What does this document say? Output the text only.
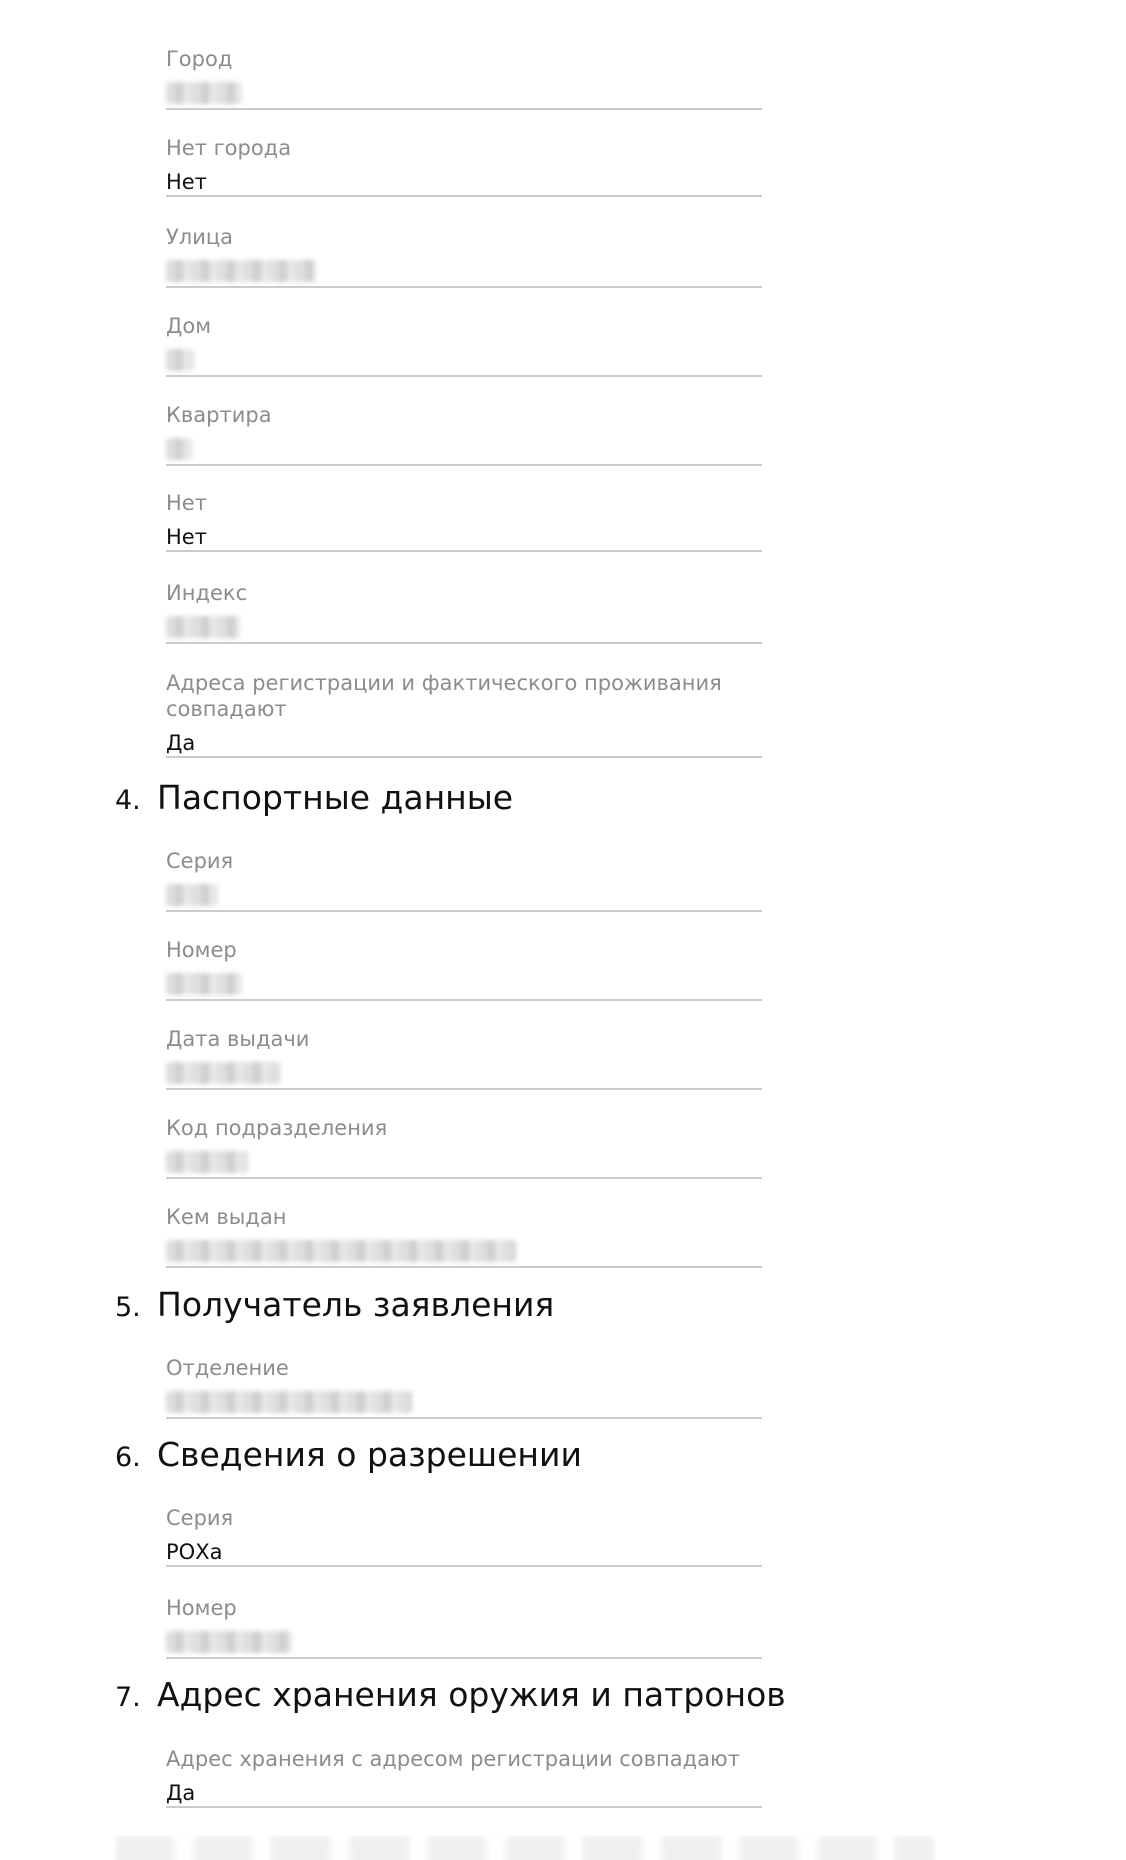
Город
Нет города
Нет
Улица
Дом
Квартира
Нет
Нет
Индекс
Адреса регистрации и фактического проживания совпадают
Да
4. Паспортные данные
Серия
Номер
Дата выдачи
Код подразделения
Кем выдан
5. Получатель заявления
Отделение
6. Сведения о разрешении
Серия
РОХа
Номер
7. Адрес хранения оружия и патронов
Адрес хранения с адресом регистрации совпадают
Да
